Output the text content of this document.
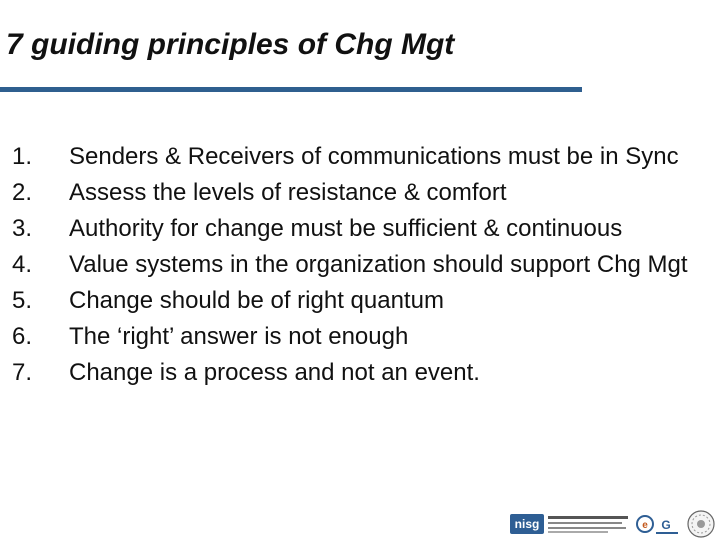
7 guiding principles of Chg Mgt
1.	Senders & Receivers of communications must be in Sync
2.	Assess the levels of resistance & comfort
3.	Authority for change must be sufficient & continuous
4.	Value systems in the organization should support Chg Mgt
5.	Change should be of right quantum
6.	The ‘right’ answer is not enough
7.	Change is a process and not an event.
nisg	e G
